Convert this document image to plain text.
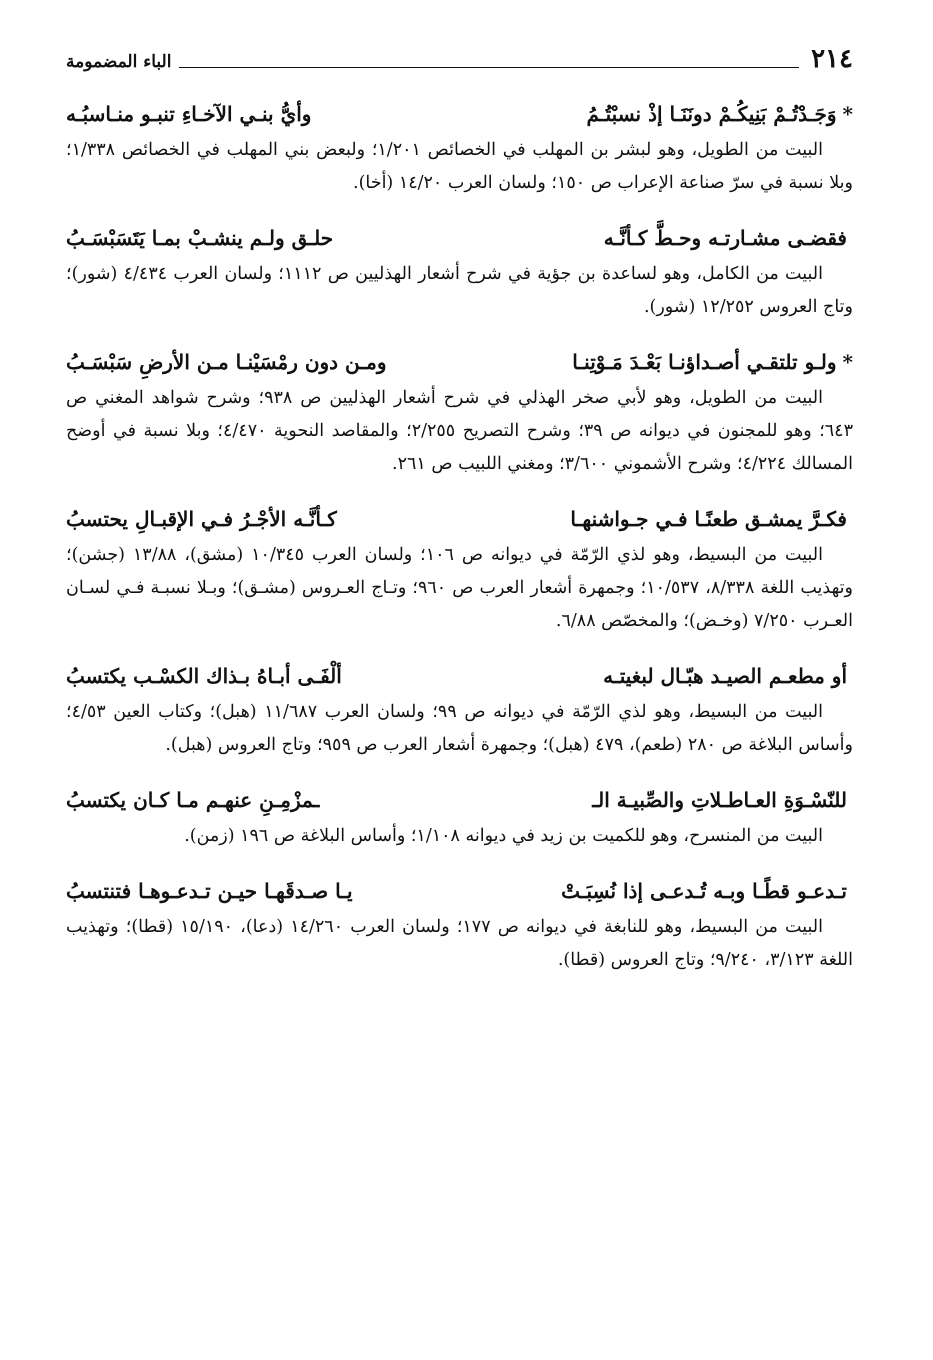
٢١٤
الباء المضمومة
*
وَجَـدْتُـمْ بَنِيكُـمْ دونَنَـا إذْ نسبْتُـمُ
وأيُّ بنـي الآخـاءِ تنبـو منـاسبُـه

البيت من الطويل، وهو لبشر بن المهلب في الخصائص ١/٢٠١؛ ولبعض بني المهلب في الخصائص ١/٣٣٨؛ وبلا نسبة في سرّ صناعة الإعراب ص ١٥٠؛ ولسان العرب ١٤/٢٠ (أخا).

فقضـى مشـارتـه وحـطَّ كـأنَّـه
حلـق ولـم ينشـبْ بمـا يَتَسَبْسَـبُ

البيت من الكامل، وهو لساعدة بن جؤية في شرح أشعار الهذليين ص ١١١٢؛ ولسان العرب ٤/٤٣٤ (شور)؛ وتاج العروس ١٢/٢٥٢ (شور).

*
ولـو تلتقـي أصـداؤنـا بَعْـدَ مَـوْتِنـا
ومـن دون رمْسَيْنـا مـن الأرضِ سَبْسَـبُ

البيت من الطويل، وهو لأبي صخر الهذلي في شرح أشعار الهذليين ص ٩٣٨؛ وشرح شواهد المغني ص ٦٤٣؛ وهو للمجنون في ديوانه ص ٣٩؛ وشرح التصريح ٢/٢٥٥؛ والمقاصد النحوية ٤/٤٧٠؛ وبلا نسبة في أوضح المسالك ٤/٢٢٤؛ وشرح الأشموني ٣/٦٠٠؛ ومغني اللبيب ص ٢٦١.

فكـرَّ يمشـق طعنًـا فـي جـواشنهـا
كـأنَّـه الأجْـرُ فـي الإقبـالِ يحتسبُ

البيت من البسيط، وهو لذي الرّمّة في ديوانه ص ١٠٦؛ ولسان العرب ١٠/٣٤٥ (مشق)، ١٣/٨٨ (جشن)؛ وتهذيب اللغة ٨/٣٣٨، ١٠/٥٣٧؛ وجمهرة أشعار العرب ص ٩٦٠؛ وتـاج العـروس (مشـق)؛ وبـلا نسبـة فـي لسـان العـرب ٧/٢٥٠ (وخـض)؛ والمخصّص ٦/٨٨.

أو مطعـم الصيـد هبّـال لبغيتـه
ألْفَـى أبـاهُ بـذاك الكسْـب يكتسبُ

البيت من البسيط، وهو لذي الرّمّة في ديوانه ص ٩٩؛ ولسان العرب ١١/٦٨٧ (هبل)؛ وكتاب العين ٤/٥٣؛ وأساس البلاغة ص ٢٨٠ (طعم)، ٤٧٩ (هبل)؛ وجمهرة أشعار العرب ص ٩٥٩؛ وتاج العروس (هبل).

للنّسْـوَةِ العـاطـلاتِ والصِّبيـة الـ
ـمزْمِـنِ عنهـم مـا كـان يكتسبُ

البيت من المنسرح، وهو للكميت بن زيد في ديوانه ١/١٠٨؛ وأساس البلاغة ص ١٩٦ (زمن).

تـدعـو قطًـا وبـه تُـدعـى إذا نُسِبَـتْ
يـا صـدقَهـا حيـن تـدعـوهـا فتنتسبُ

البيت من البسيط، وهو للنابغة في ديوانه ص ١٧٧؛ ولسان العرب ١٤/٢٦٠ (دعا)، ١٥/١٩٠ (قطا)؛ وتهذيب اللغة ٣/١٢٣، ٩/٢٤٠؛ وتاج العروس (قطا).
